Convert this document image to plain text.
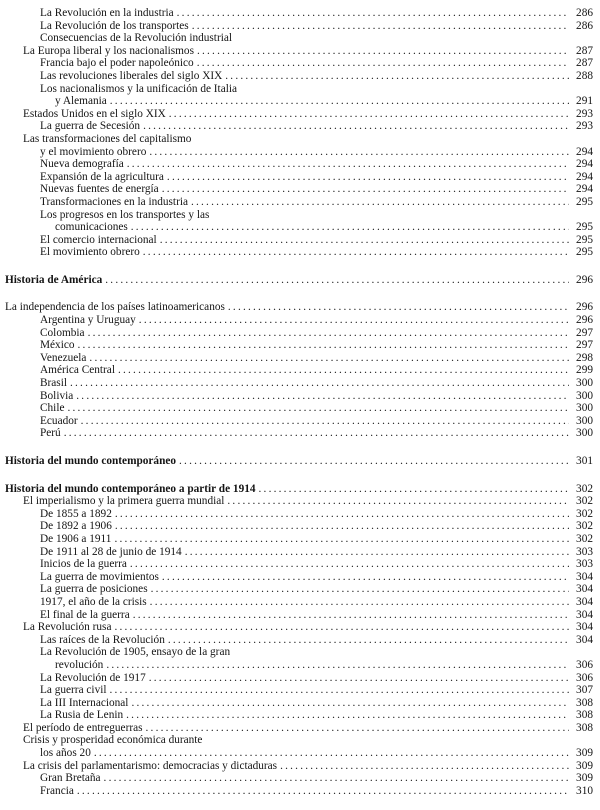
La Revolución en la industria .....	286
La Revolución de los transportes .....	286
Consecuencias de la Revolución industrial
La Europa liberal y los nacionalismos .....	287
Francia bajo el poder napoleónico .....	287
Las revoluciones liberales del siglo XIX .....	288
Los nacionalismos y la unificación de Italia
y Alemania .....	291
Estados Unidos en el siglo XIX .....	293
La guerra de Secesión .....	293
Las transformaciones del capitalismo
y el movimiento obrero .....	294
Nueva demografía .....	294
Expansión de la agricultura .....	294
Nuevas fuentes de energía .....	294
Transformaciones en la industria .....	295
Los progresos en los transportes y las
comunicaciones .....	295
El comercio internacional .....	295
El movimiento obrero .....	295
Historia de América .....	296
La independencia de los países latinoamericanos .....	296
Argentina y Uruguay .....	296
Colombia .....	297
México .....	297
Venezuela .....	298
América Central .....	299
Brasil .....	300
Bolivia .....	300
Chile .....	300
Ecuador .....	300
Perú .....	300
Historia del mundo contemporáneo .....	301
Historia del mundo contemporáneo a partir de 1914 .....	302
El imperialismo y la primera guerra mundial .....	302
De 1855 a 1892 .....	302
De 1892 a 1906 .....	302
De 1906 a 1911 .....	302
De 1911 al 28 de junio de 1914 .....	303
Inicios de la guerra .....	303
La guerra de movimientos .....	304
La guerra de posiciones .....	304
1917, el año de la crisis .....	304
El final de la guerra .....	304
La Revolución rusa .....	304
Las raíces de la Revolución .....	304
La Revolución de 1905, ensayo de la gran
revolución .....	306
La Revolución de 1917 .....	306
La guerra civil .....	307
La III Internacional .....	308
La Rusia de Lenin .....	308
El período de entreguerras .....	308
Crisis y prosperidad económica durante
los años 20 .....	309
La crisis del parlamentarismo: democracias y dictaduras .....	309
Gran Bretaña .....	309
Francia .....	310
